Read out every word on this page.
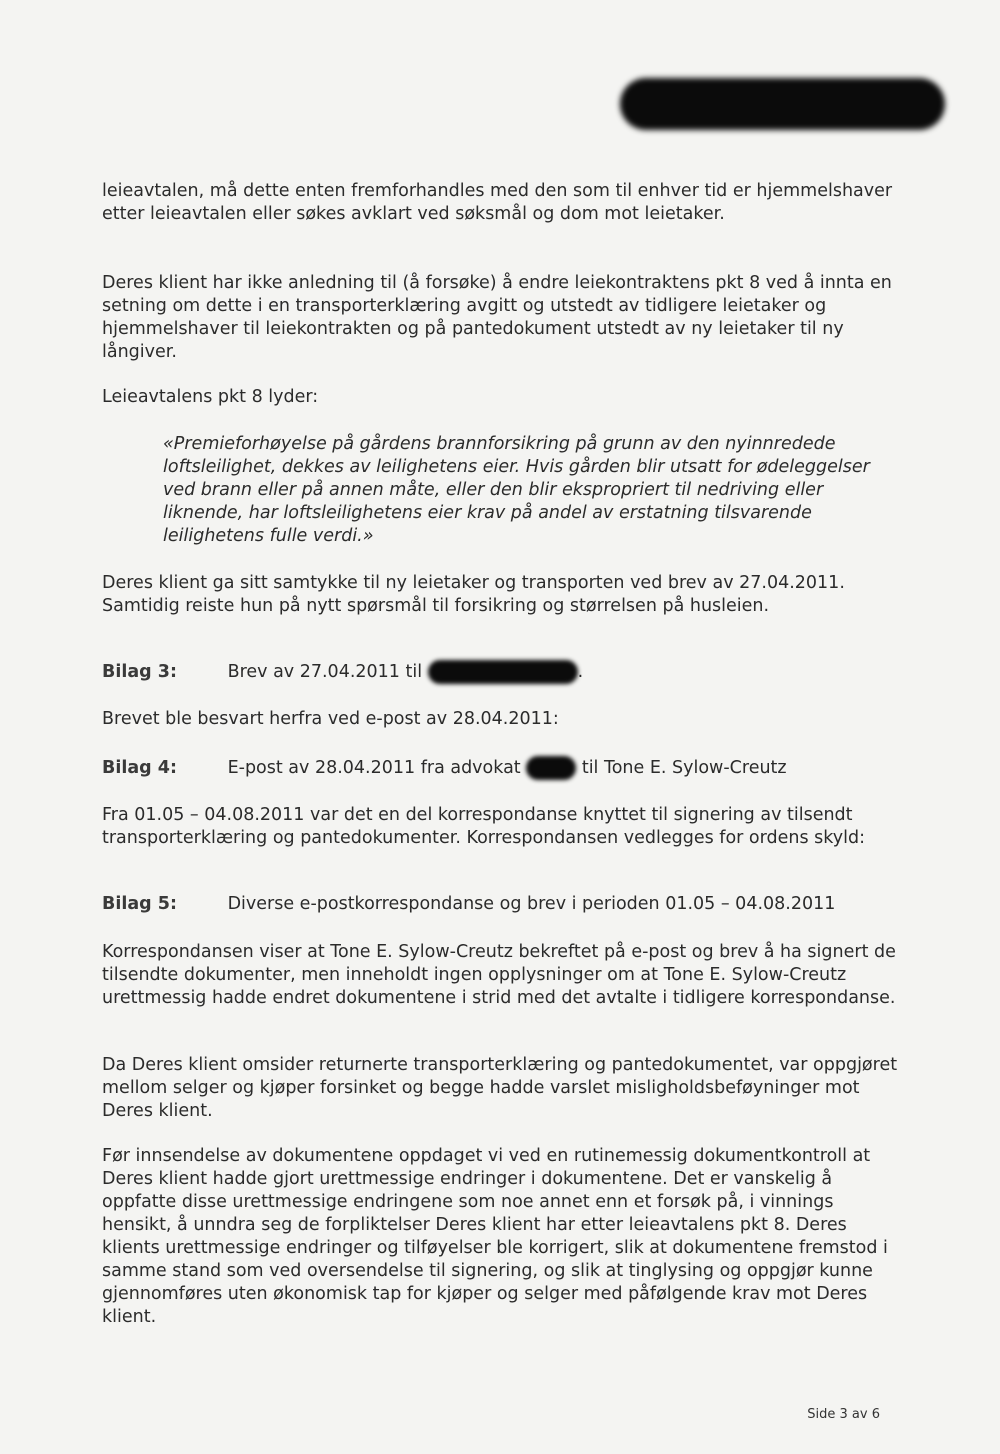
leieavtalen, må dette enten fremforhandles med den som til enhver tid er hjemmelshaver etter leieavtalen eller søkes avklart ved søksmål og dom mot leietaker.

Deres klient har ikke anledning til (å forsøke) å endre leiekontraktens pkt 8 ved å innta en setning om dette i en transporterklæring avgitt og utstedt av tidligere leietaker og hjemmelshaver til leiekontrakten og på pantedokument utstedt av ny leietaker til ny långiver.

Leieavtalens pkt 8 lyder:

«Premieforhøyelse på gårdens brannforsikring på grunn av den nyinnredede loftsleilighet, dekkes av leilighetens eier. Hvis gården blir utsatt for ødeleggelser ved brann eller på annen måte, eller den blir ekspropriert til nedriving eller liknende, har loftsleilighetens eier krav på andel av erstatning tilsvarende leilighetens fulle verdi.»

Deres klient ga sitt samtykke til ny leietaker og transporten ved brev av 27.04.2011. Samtidig reiste hun på nytt spørsmål til forsikring og størrelsen på husleien.

Bilag 3:	Brev av 27.04.2011 til	.

Brevet ble besvart herfra ved e-post av 28.04.2011:

Bilag 4:	E-post av 28.04.2011 fra advokat	til Tone E. Sylow-Creutz

Fra 01.05 – 04.08.2011 var det en del korrespondanse knyttet til signering av tilsendt transporterklæring og pantedokumenter. Korrespondansen vedlegges for ordens skyld:

Bilag 5:	Diverse e-postkorrespondanse og brev i perioden 01.05 – 04.08.2011

Korrespondansen viser at Tone E. Sylow-Creutz bekreftet på e-post og brev å ha signert de tilsendte dokumenter, men inneholdt ingen opplysninger om at Tone E. Sylow-Creutz urettmessig hadde endret dokumentene i strid med det avtalte i tidligere korrespondanse.

Da Deres klient omsider returnerte transporterklæring og pantedokumentet, var oppgjøret mellom selger og kjøper forsinket og begge hadde varslet misligholdsbeføyninger mot Deres klient.

Før innsendelse av dokumentene oppdaget vi ved en rutinemessig dokumentkontroll at Deres klient hadde gjort urettmessige endringer i dokumentene. Det er vanskelig å oppfatte disse urettmessige endringene som noe annet enn et forsøk på, i vinnings hensikt, å unndra seg de forpliktelser Deres klient har etter leieavtalens pkt 8. Deres klients urettmessige endringer og tilføyelser ble korrigert, slik at dokumentene fremstod i samme stand som ved oversendelse til signering, og slik at tinglysing og oppgjør kunne gjennomføres uten økonomisk tap for kjøper og selger med påfølgende krav mot Deres klient.

Side 3 av 6
